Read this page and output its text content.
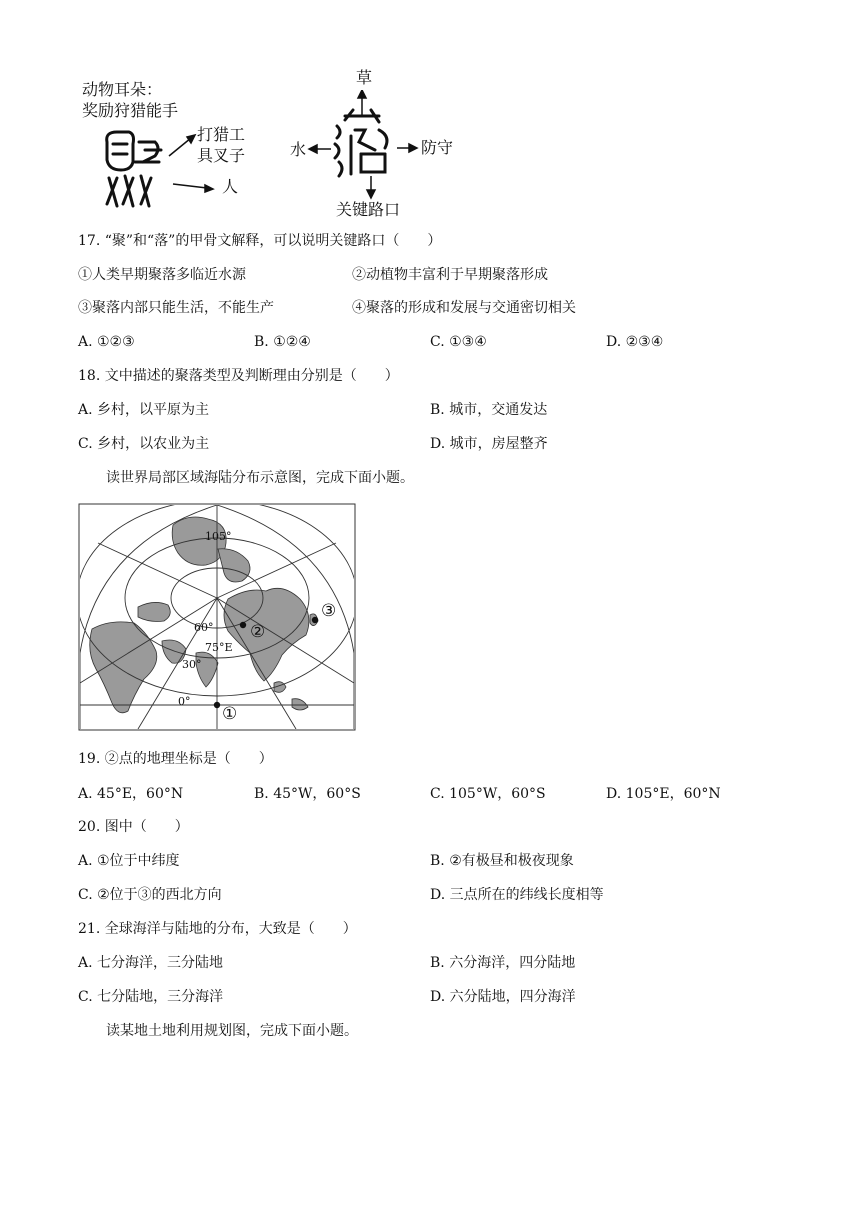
动物耳朵：
奖励狩猎能手
打猎工
具叉子
人
草
水	防守
关键路口
17. “聚”和“落”的甲骨文解释，可以说明关键路口（　　）
①人类早期聚落多临近水源	②动植物丰富利于早期聚落形成
③聚落内部只能生活，不能生产	④聚落的形成和发展与交通密切相关
A. ①②③	B. ①②④	C. ①③④	D. ②③④
18. 文中描述的聚落类型及判断理由分别是（　　）
A. 乡村，以平原为主	B. 城市，交通发达
C. 乡村，以农业为主	D. 城市，房屋整齐
读世界局部区域海陆分布示意图，完成下面小题。
105°
60°
75°E
30°
0°
①
②
③
19. ②点的地理坐标是（　　）
A. 45°E，60°N	B. 45°W，60°S	C. 105°W，60°S	D. 105°E，60°N
20. 图中（　　）
A. ①位于中纬度	B. ②有极昼和极夜现象
C. ②位于③的西北方向	D. 三点所在的纬线长度相等
21. 全球海洋与陆地的分布，大致是（　　）
A. 七分海洋，三分陆地	B. 六分海洋，四分陆地
C. 七分陆地，三分海洋	D. 六分陆地，四分海洋
读某地土地利用规划图，完成下面小题。
